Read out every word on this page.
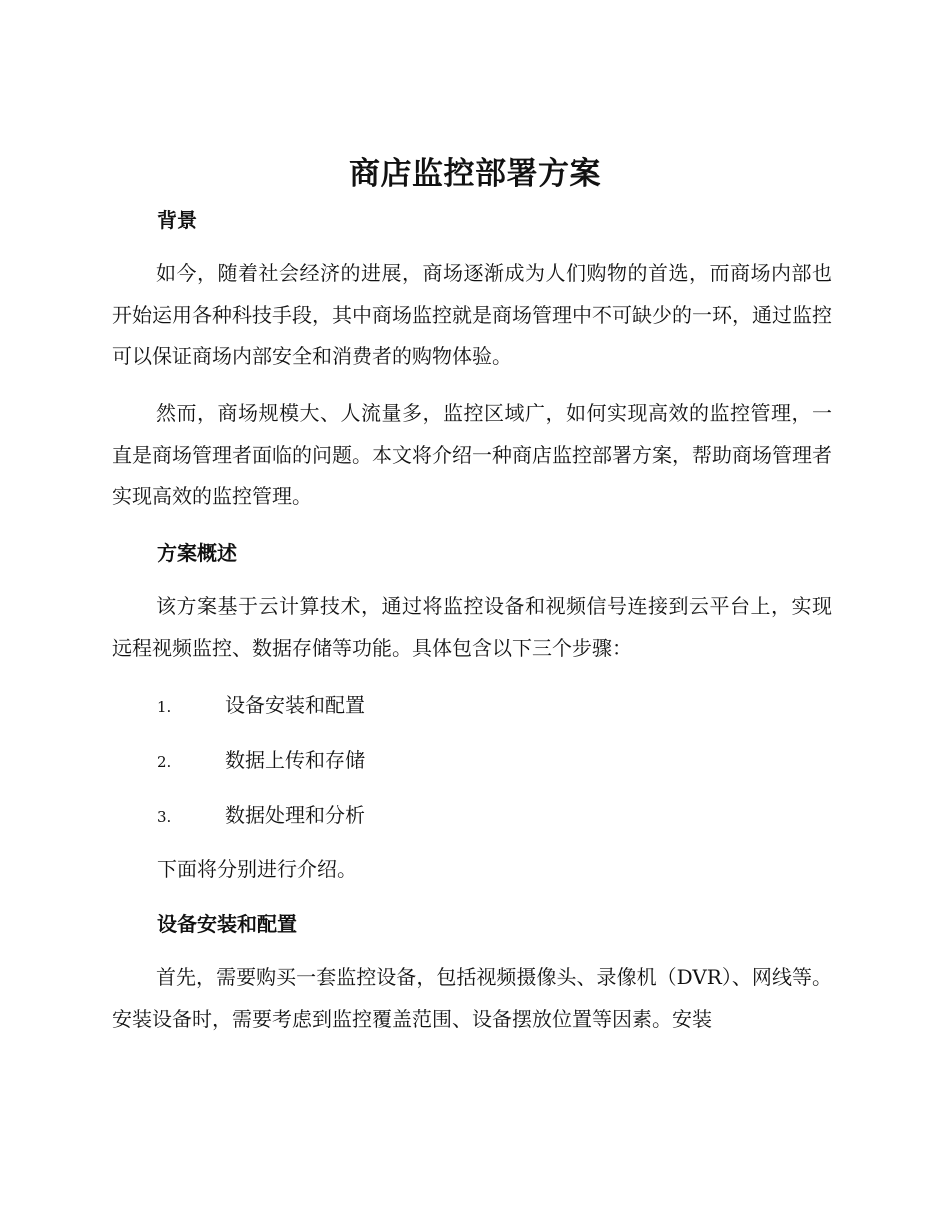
商店监控部署方案
背景
如今，随着社会经济的进展，商场逐渐成为人们购物的首选，而商场内部也开始运用各种科技手段，其中商场监控就是商场管理中不可缺少的一环，通过监控可以保证商场内部安全和消费者的购物体验。
然而，商场规模大、人流量多，监控区域广，如何实现高效的监控管理，一直是商场管理者面临的问题。本文将介绍一种商店监控部署方案，帮助商场管理者实现高效的监控管理。
方案概述
该方案基于云计算技术，通过将监控设备和视频信号连接到云平台上，实现远程视频监控、数据存储等功能。具体包含以下三个步骤：
1.	设备安装和配置
2.	数据上传和存储
3.	数据处理和分析
下面将分别进行介绍。
设备安装和配置
首先，需要购买一套监控设备，包括视频摄像头、录像机（DVR）、网线等。安装设备时，需要考虑到监控覆盖范围、设备摆放位置等因素。安装
